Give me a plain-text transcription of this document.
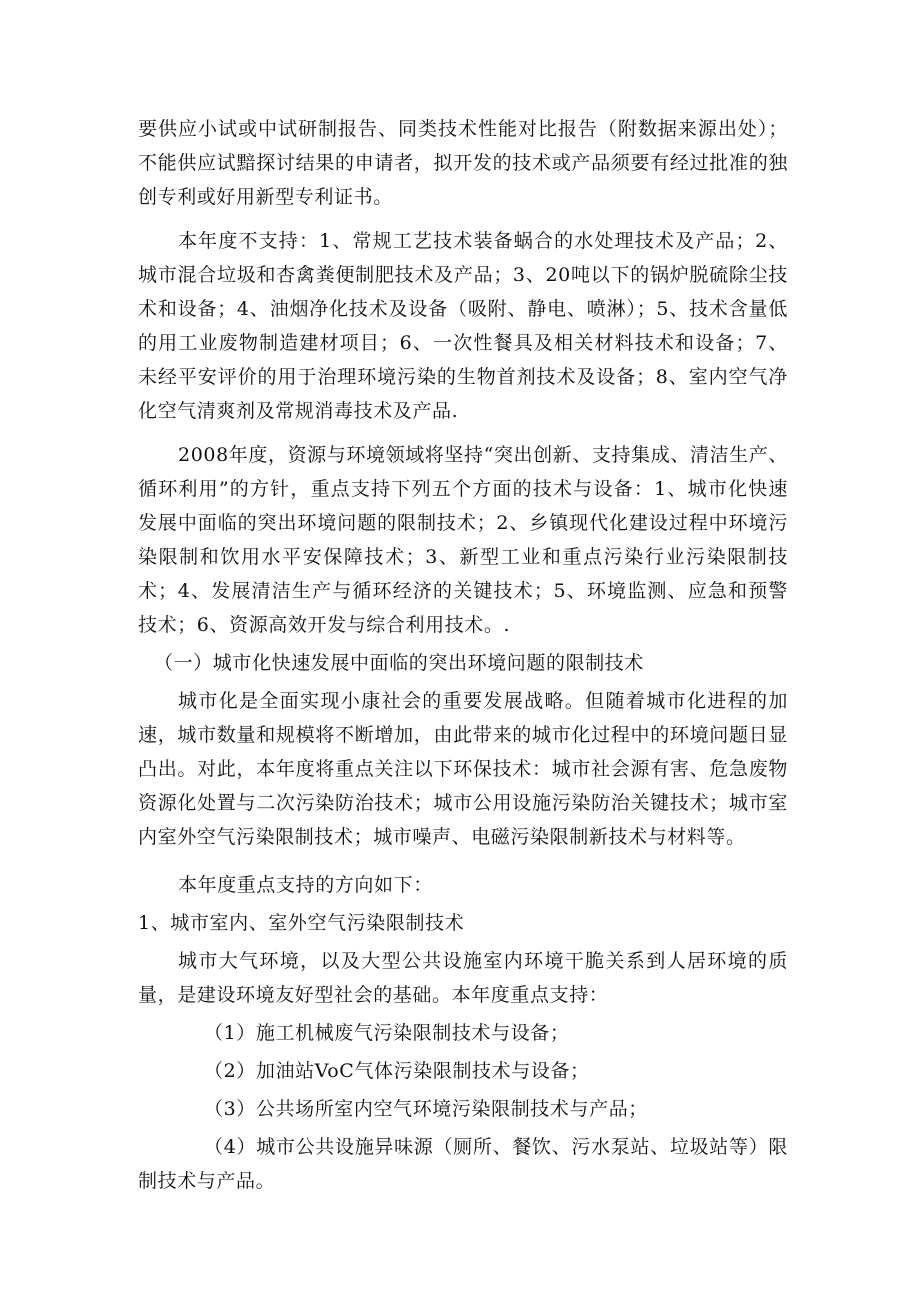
要供应小试或中试研制报告、同类技术性能对比报告（附数据来源出处）；不能供应试黯探讨结果的申请者，拟开发的技术或产品须要有经过批准的独创专利或好用新型专利证书。

本年度不支持：1、常规工艺技术装备蜗合的水处理技术及产品；2、城市混合垃圾和杏禽粪便制肥技术及产品；3、20吨以下的锅炉脱硫除尘技术和设备；4、油烟净化技术及设备（吸附、静电、喷淋）；5、技术含量低的用工业废物制造建材项目；6、一次性餐具及相关材料技术和设备；7、未经平安评价的用于治理环境污染的生物首剂技术及设备；8、室内空气净化空气清爽剂及常规消毒技术及产品.

2008年度，资源与环境领域将坚持“突出创新、支持集成、清洁生产、循环利用”的方针，重点支持下列五个方面的技术与设备：1、城市化快速发展中面临的突出环境问题的限制技术；2、乡镇现代化建设过程中环境污染限制和饮用水平安保障技术；3、新型工业和重点污染行业污染限制技术；4、发展清洁生产与循环经济的关键技术；5、环境监测、应急和预警技术；6、资源高效开发与综合利用技术。.

（一）城市化快速发展中面临的突出环境问题的限制技术

城市化是全面实现小康社会的重要发展战略。但随着城市化进程的加速，城市数量和规模将不断增加，由此带来的城市化过程中的环境问题日显凸出。对此，本年度将重点关注以下环保技术：城市社会源有害、危急废物资源化处置与二次污染防治技术；城市公用设施污染防治关键技术；城市室内室外空气污染限制技术；城市噪声、电磁污染限制新技术与材料等。

本年度重点支持的方向如下：

1、城市室内、室外空气污染限制技术

城市大气环境，以及大型公共设施室内环境干脆关系到人居环境的质量，是建设环境友好型社会的基础。本年度重点支持：

（1）施工机械废气污染限制技术与设备；

（2）加油站VoC气体污染限制技术与设备；

（3）公共场所室内空气环境污染限制技术与产品；

（4）城市公共设施异味源（厕所、餐饮、污水泵站、垃圾站等）限制技术与产品。
